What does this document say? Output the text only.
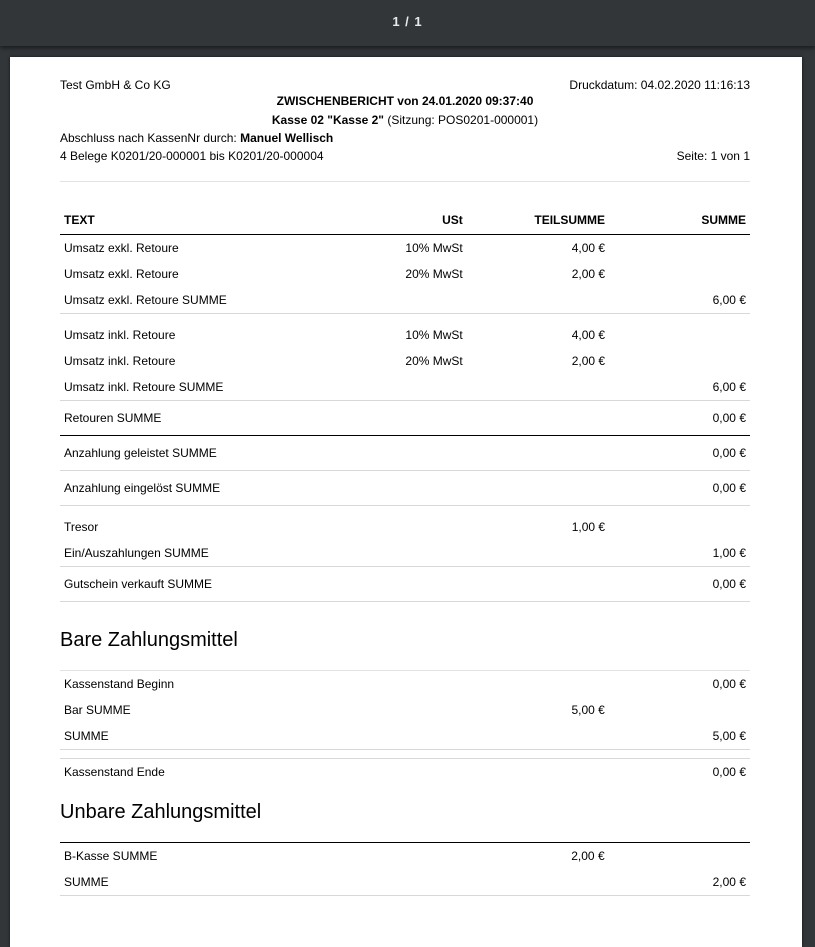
1 / 1
Test GmbH & Co KG	Druckdatum: 04.02.2020 11:16:13
ZWISCHENBERICHT von 24.01.2020 09:37:40
Kasse 02 "Kasse 2" (Sitzung: POS0201-000001)
Abschluss nach KassenNr durch: Manuel Wellisch
4 Belege K0201/20-000001 bis K0201/20-000004	Seite: 1 von 1
TEXT	USt	TEILSUMME	SUMME
Umsatz exkl. Retoure	10% MwSt	4,00 €	
Umsatz exkl. Retoure	20% MwSt	2,00 €	
Umsatz exkl. Retoure SUMME			6,00 €

Umsatz inkl. Retoure	10% MwSt	4,00 €	
Umsatz inkl. Retoure	20% MwSt	2,00 €	
Umsatz inkl. Retoure SUMME			6,00 €
Retouren SUMME			0,00 €
Anzahlung geleistet SUMME			0,00 €
Anzahlung eingelöst SUMME			0,00 €

Tresor		1,00 €	
Ein/Auszahlungen SUMME			1,00 €
Gutschein verkauft SUMME			0,00 €
Bare Zahlungsmittel
Kassenstand Beginn			0,00 €
Bar SUMME		5,00 €	
SUMME			5,00 €

Kassenstand Ende			0,00 €
Unbare Zahlungsmittel
B-Kasse SUMME		2,00 €	
SUMME			2,00 €
